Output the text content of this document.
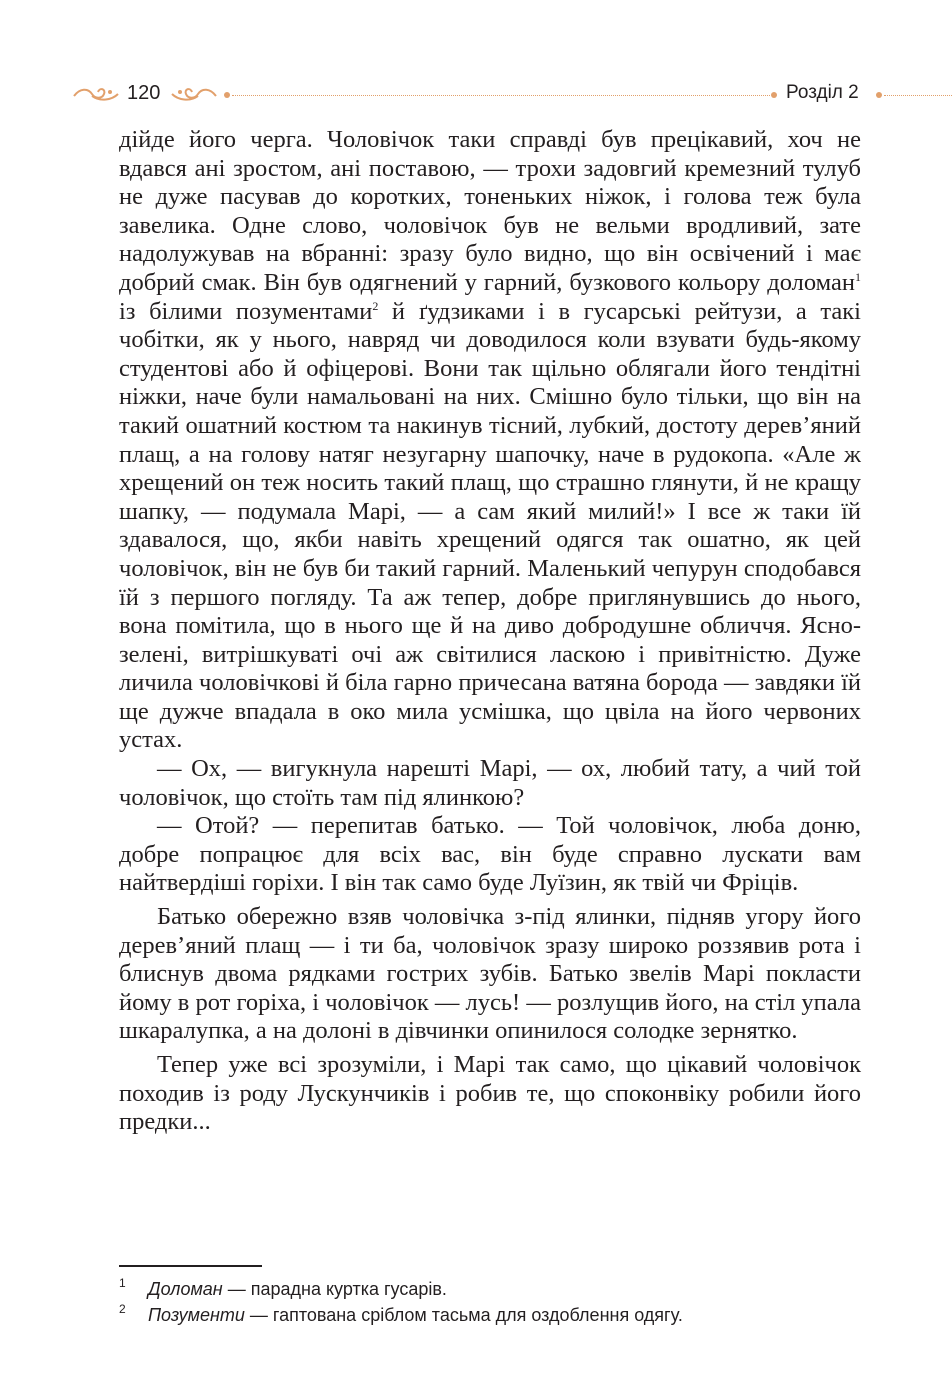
120	Розділ 2

дійде його черга. Чоловічок таки справді був прецікавий, хоч не вдався ані зростом, ані поставою, — трохи задовгий кремезний тулуб не дуже пасував до коротких, тоненьких ніжок, і голова теж була завелика. Одне слово, чоловічок був не вельми вродливий, зате надолужував на вбранні: зразу було видно, що він освічений і має добрий смак. Він був одягнений у гарний, бузкового кольору доломан$^1$ із білими позументами$^2$ й ґудзиками і в гусарські рейтузи, а такі чобітки, як у нього, навряд чи доводилося коли взувати будь-якому студентові або й офіцерові. Вони так щільно облягали його тендітні ніжки, наче були намальовані на них. Смішно було тільки, що він на такий ошатний костюм та накинув тісний, лубкий, достоту дерев’яний плащ, а на голову натяг незугарну шапочку, наче в рудокопа. «Але ж хрещений он теж носить такий плащ, що страшно глянути, й не кращу шапку, — подумала Марі, — а сам який милий!» І все ж таки їй здавалося, що, якби навіть хрещений одягся так ошатно, як цей чоловічок, він не був би такий гарний. Маленький чепурун сподобався їй з першого погляду. Та аж тепер, добре приглянувшись до нього, вона помітила, що в нього ще й на диво добродушне обличчя. Ясно-зелені, витрішкуваті очі аж світилися ласкою і привітністю. Дуже личила чоловічкові й біла гарно причесана ватяна борода — завдяки їй ще дужче впадала в око мила усмішка, що цвіла на його червоних устах.

— Ох, — вигукнула нарешті Марі, — ох, любий тату, а чий той чоловічок, що стоїть там під ялинкою?

— Отой? — перепитав батько. — Той чоловічок, люба доню, добре попрацює для всіх вас, він буде справно лускати вам найтвердіші горіхи. І він так само буде Луїзин, як твій чи Фріців.

Батько обережно взяв чоловічка з-під ялинки, підняв угору його дерев’яний плащ — і ти ба, чоловічок зразу широко роззявив рота і блиснув двома рядками гострих зубів. Батько звелів Марі покласти йому в рот горіха, і чоловічок — лусь! — розлущив його, на стіл упала шкаралупка, а на долоні в дівчинки опинилося солодке зернятко.

Тепер уже всі зрозуміли, і Марі так само, що цікавий чоловічок походив із роду Лускунчиків і робив те, що споконвіку робили його предки...

1 Доломан — парадна куртка гусарів.
2 Позументи — гаптована сріблом тасьма для оздоблення одягу.
